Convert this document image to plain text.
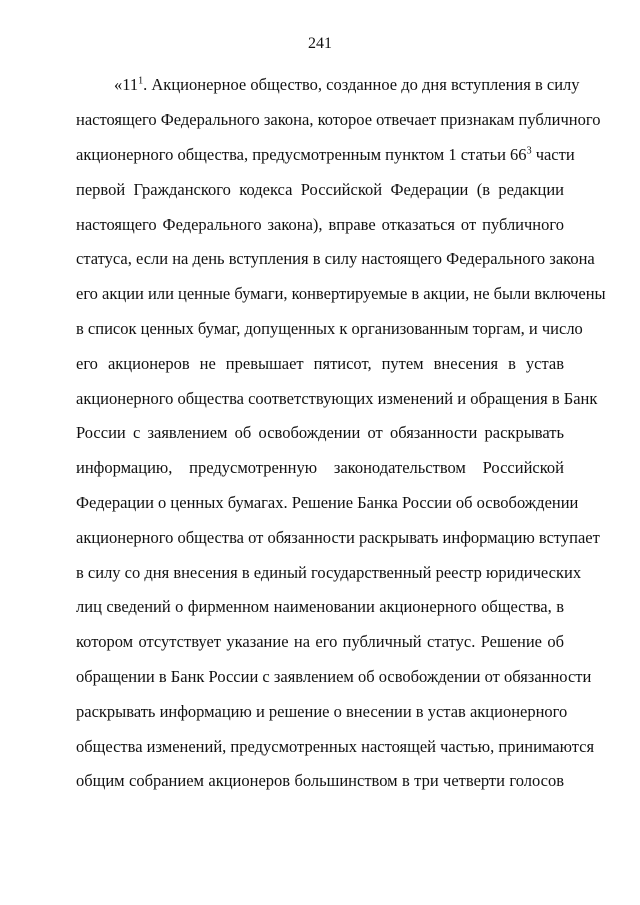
241
«$11^1$. Акционерное общество, созданное до дня вступления в силу
настоящего Федерального закона, которое отвечает признакам публичного
акционерного общества, предусмотренным пунктом 1 статьи $66^3$ части
первой Гражданского кодекса Российской Федерации (в редакции
настоящего Федерального закона), вправе отказаться от публичного
статуса, если на день вступления в силу настоящего Федерального закона
его акции или ценные бумаги, конвертируемые в акции, не были включены
в список ценных бумаг, допущенных к организованным торгам, и число
его акционеров не превышает пятисот, путем внесения в устав
акционерного общества соответствующих изменений и обращения в Банк
России с заявлением об освобождении от обязанности раскрывать
информацию, предусмотренную законодательством Российской
Федерации о ценных бумагах. Решение Банка России об освобождении
акционерного общества от обязанности раскрывать информацию вступает
в силу со дня внесения в единый государственный реестр юридических
лиц сведений о фирменном наименовании акционерного общества, в
котором отсутствует указание на его публичный статус. Решение об
обращении в Банк России с заявлением об освобождении от обязанности
раскрывать информацию и решение о внесении в устав акционерного
общества изменений, предусмотренных настоящей частью, принимаются
общим собранием акционеров большинством в три четверти голосов
